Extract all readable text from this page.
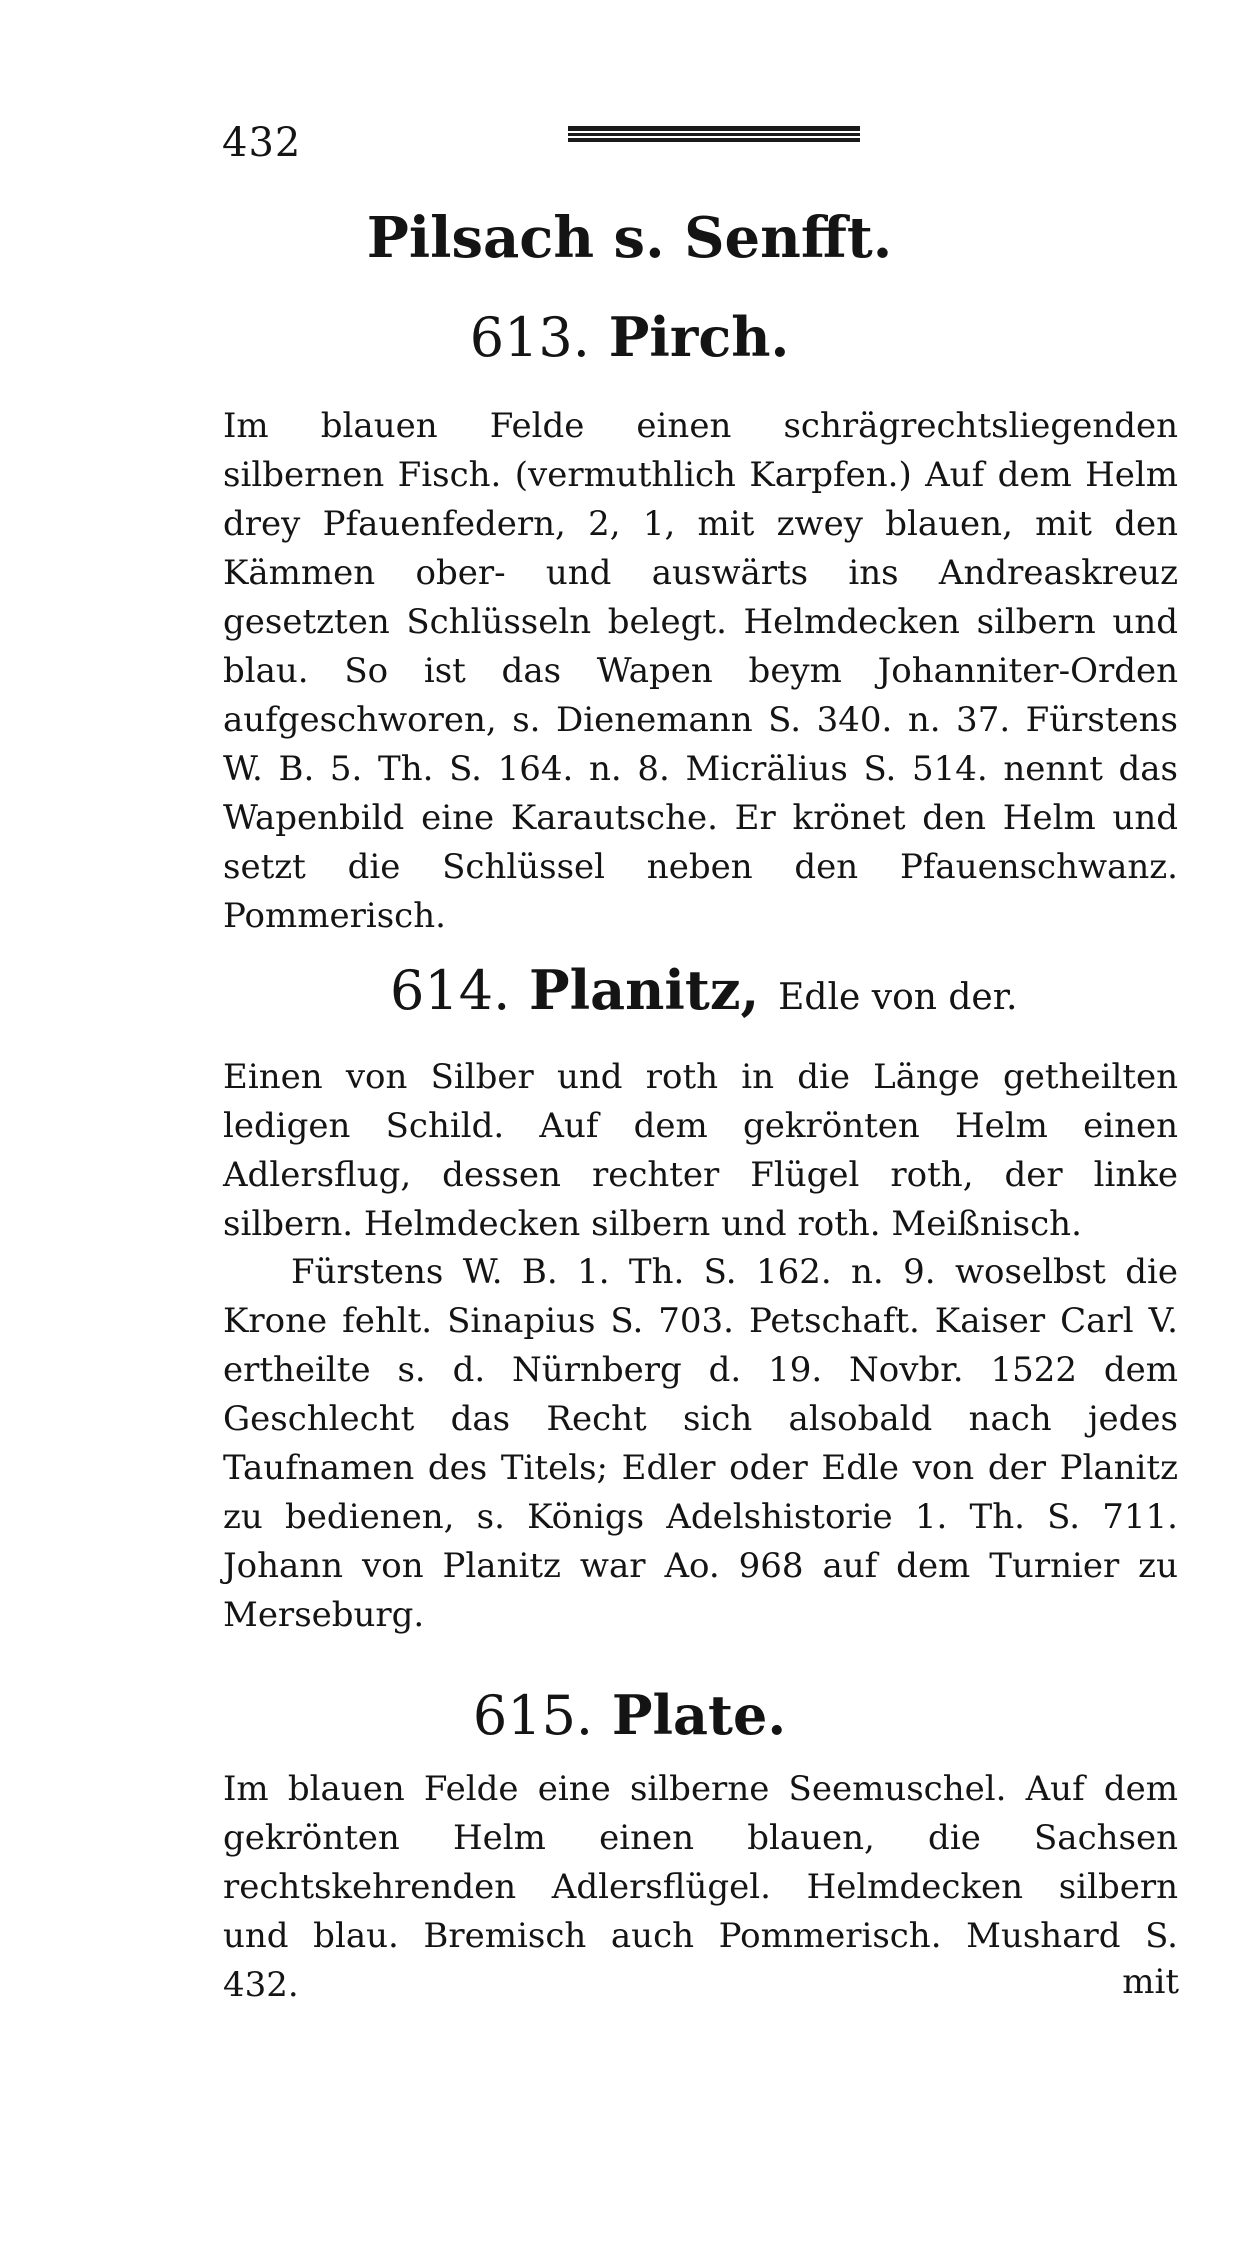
432
Pilsach s. Senfft.
613. Pirch.

Im blauen Felde einen schrägrechtsliegenden silbernen Fisch. (vermuthlich Karpfen.) Auf dem Helm drey Pfauenfedern, 2, 1, mit zwey blauen, mit den Kämmen ober- und auswärts ins Andreaskreuz gesetzten Schlüsseln belegt. Helmdecken silbern und blau. So ist das Wapen beym Johanniter-Orden aufgeschworen, s. Dienemann S. 340. n. 37. Fürstens W. B. 5. Th. S. 164. n. 8. Micrälius S. 514. nennt das Wapenbild eine Karautsche. Er krönet den Helm und setzt die Schlüssel neben den Pfauenschwanz. Pommerisch.

614. Planitz, Edle von der.

Einen von Silber und roth in die Länge getheilten ledigen Schild. Auf dem gekrönten Helm einen Adlersflug, dessen rechter Flügel roth, der linke silbern. Helmdecken silbern und roth. Meißnisch.

Fürstens W. B. 1. Th. S. 162. n. 9. woselbst die Krone fehlt. Sinapius S. 703. Petschaft. Kaiser Carl V. ertheilte s. d. Nürnberg d. 19. Novbr. 1522 dem Geschlecht das Recht sich alsobald nach jedes Taufnamen des Titels; Edler oder Edle von der Planitz zu bedienen, s. Königs Adelshistorie 1. Th. S. 711. Johann von Planitz war Ao. 968 auf dem Turnier zu Merseburg.

615. Plate.

Im blauen Felde eine silberne Seemuschel. Auf dem gekrönten Helm einen blauen, die Sachsen rechtskehrenden Adlersflügel. Helmdecken silbern und blau. Bremisch auch Pommerisch. Mushard S. 432.	mit
